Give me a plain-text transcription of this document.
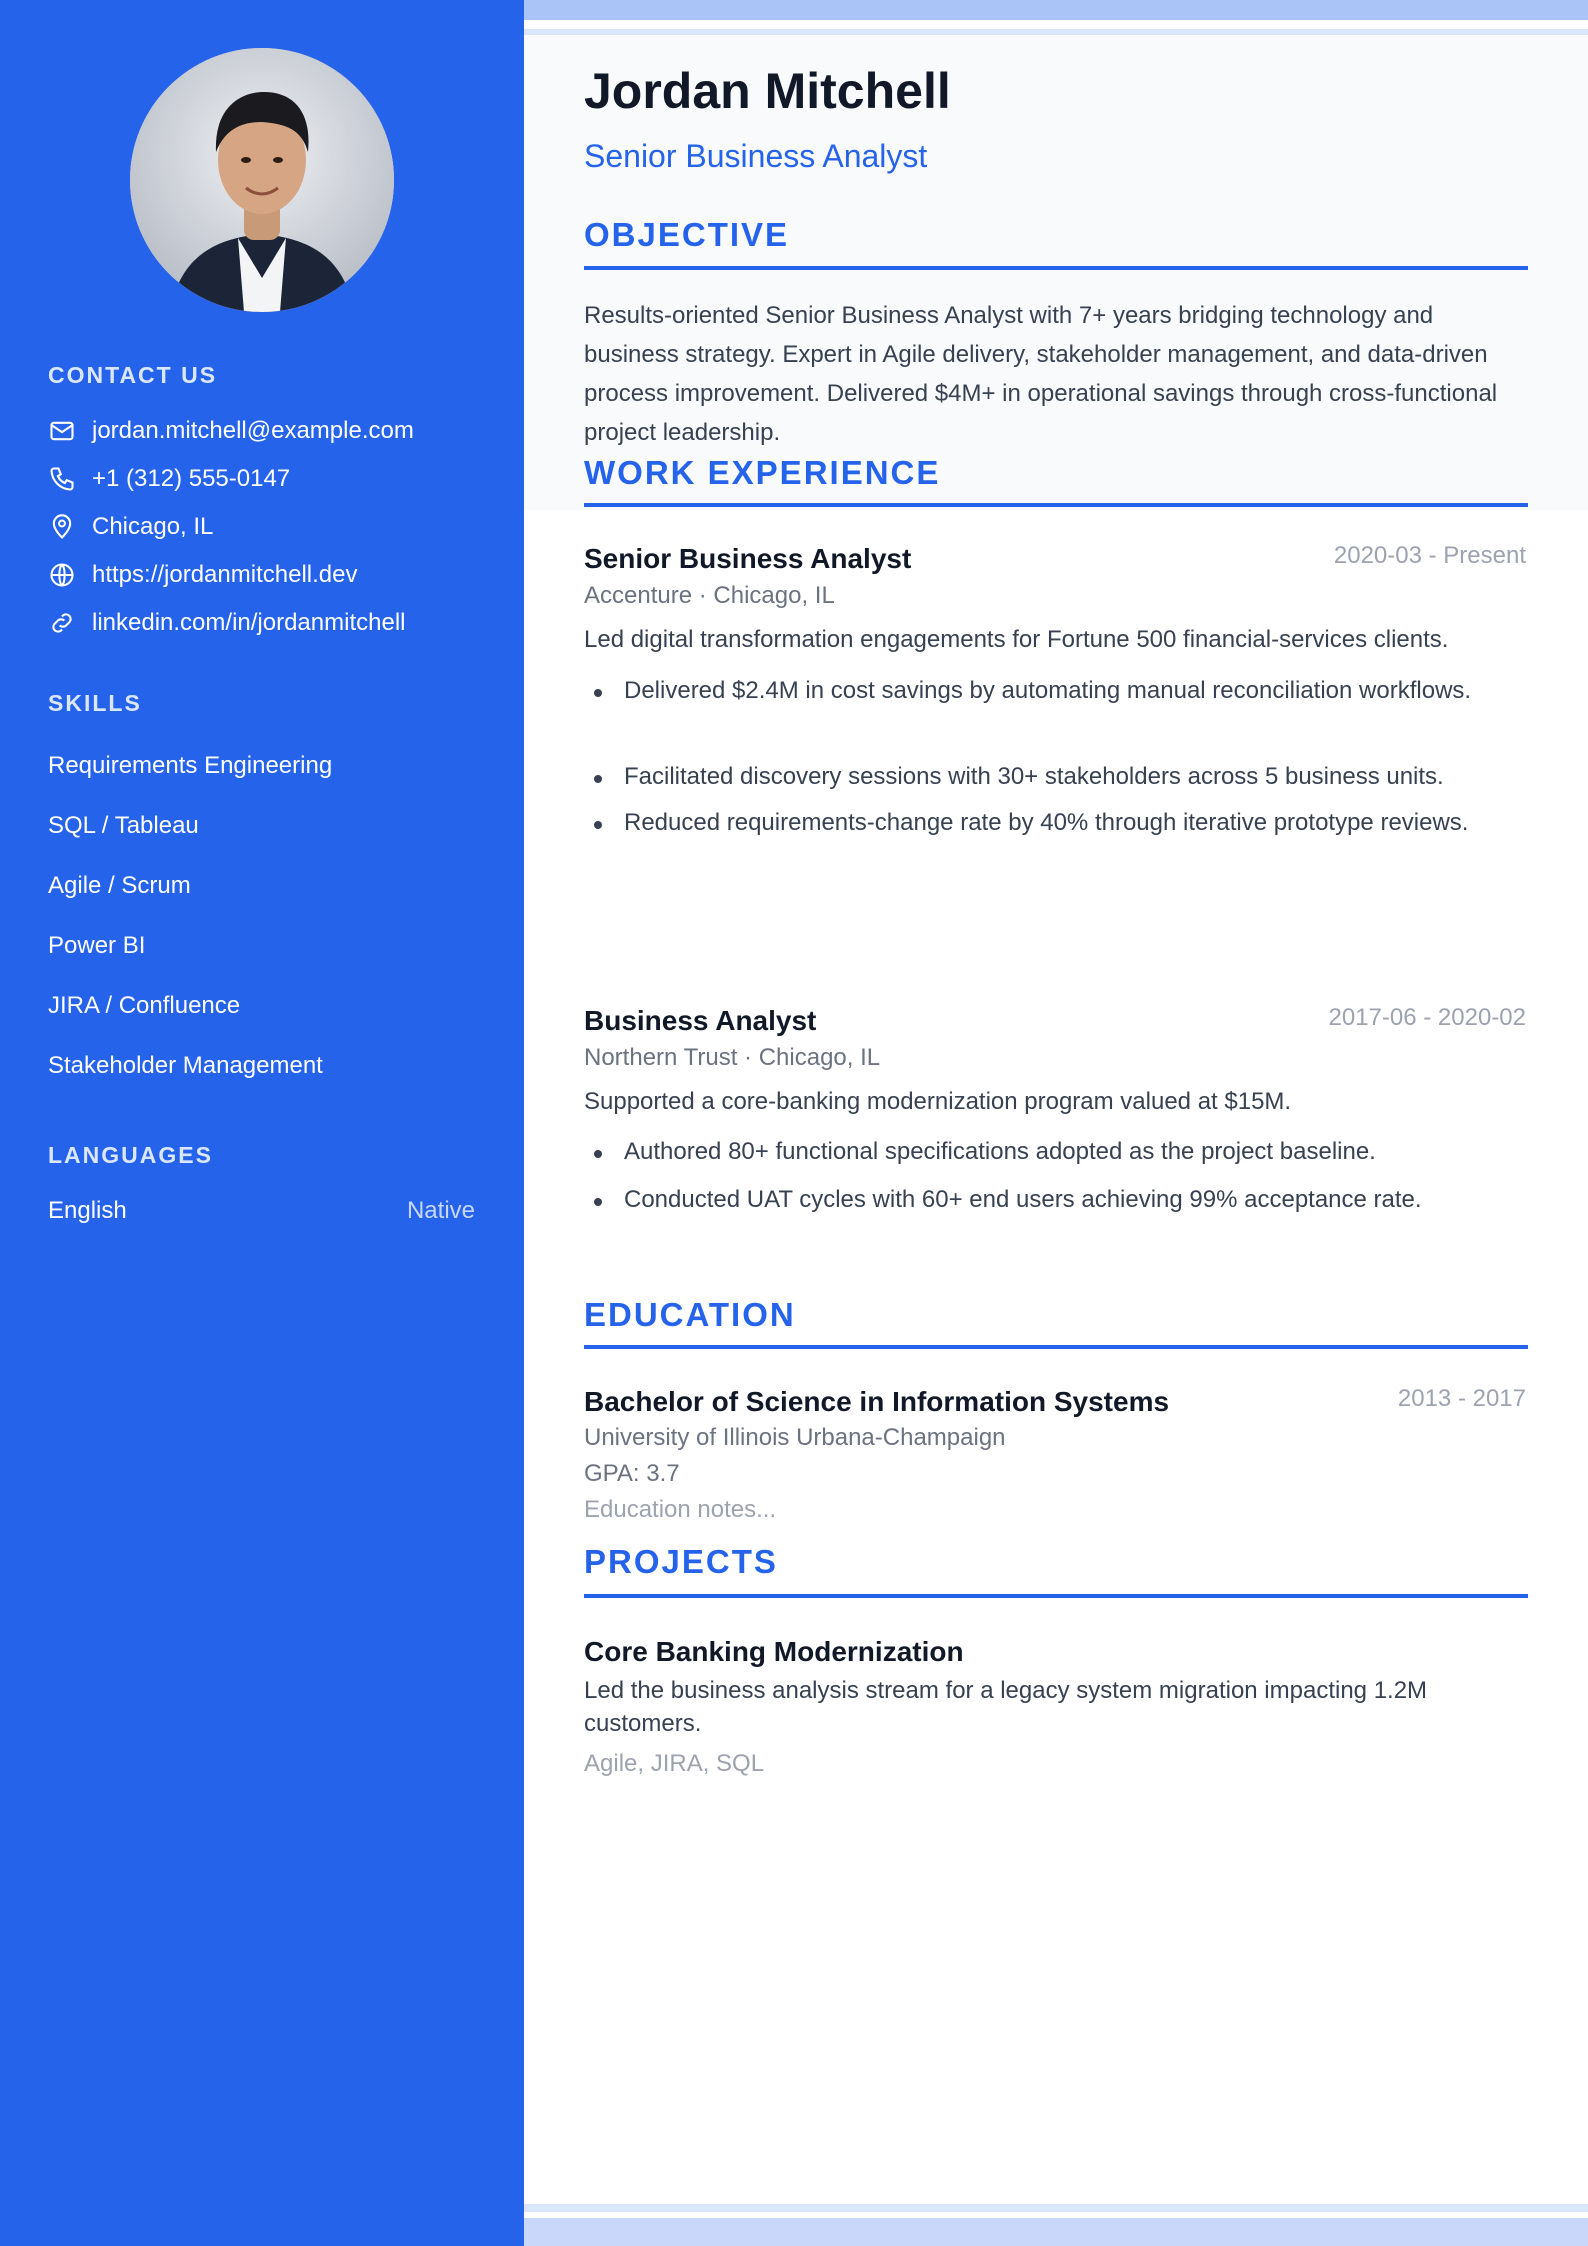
CONTACT US
jordan.mitchell@example.com
+1 (312) 555-0147
Chicago, IL
https://jordanmitchell.dev
linkedin.com/in/jordanmitchell
SKILLS
Requirements Engineering
SQL / Tableau
Agile / Scrum
Power BI
JIRA / Confluence
Stakeholder Management
LANGUAGES
English	Native
Jordan Mitchell
Senior Business Analyst
OBJECTIVE
Results-oriented Senior Business Analyst with 7+ years bridging technology and business strategy. Expert in Agile delivery, stakeholder management, and data-driven process improvement. Delivered $4M+ in operational savings through cross-functional project leadership.
WORK EXPERIENCE
Senior Business Analyst	2020-03 - Present
Accenture · Chicago, IL
Led digital transformation engagements for Fortune 500 financial-services clients.
Delivered $2.4M in cost savings by automating manual reconciliation workflows.
Facilitated discovery sessions with 30+ stakeholders across 5 business units.
Reduced requirements-change rate by 40% through iterative prototype reviews.
Business Analyst	2017-06 - 2020-02
Northern Trust · Chicago, IL
Supported a core-banking modernization program valued at $15M.
Authored 80+ functional specifications adopted as the project baseline.
Conducted UAT cycles with 60+ end users achieving 99% acceptance rate.
EDUCATION
Bachelor of Science in Information Systems	2013 - 2017
University of Illinois Urbana-Champaign
GPA: 3.7
Education notes...
PROJECTS
Core Banking Modernization
Led the business analysis stream for a legacy system migration impacting 1.2M customers.
Agile, JIRA, SQL
